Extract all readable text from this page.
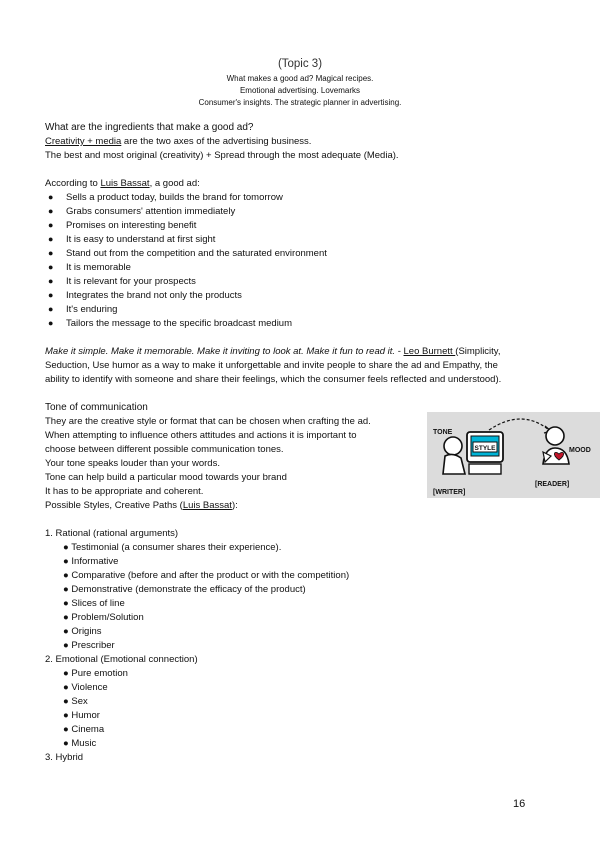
(Topic 3)
What makes a good ad? Magical recipes.
Emotional advertising. Lovemarks
Consumer's insights. The strategic planner in advertising.
What are the ingredients that make a good ad?
Creativity + media are the two axes of the advertising business.
The best and most original (creativity) + Spread through the most adequate (Media).
According to Luis Bassat, a good ad:
● Sells a product today, builds the brand for tomorrow
● Grabs consumers' attention immediately
● Promises on interesting benefit
● It is easy to understand at first sight
● Stand out from the competition and the saturated environment
● It is memorable
● It is relevant for your prospects
● Integrates the brand not only the products
● It's enduring
● Tailors the message to the specific broadcast medium
Make it simple. Make it memorable. Make it inviting to look at. Make it fun to read it. - Leo Burnett (Simplicity,
Seduction, Use humor as a way to make it unforgettable and invite people to share the ad and Empathy, the
ability to identify with someone and share their feelings, which the consumer feels reflected and understood).
Tone of communication
They are the creative style or format that can be chosen when crafting the ad.
When attempting to influence others attitudes and actions it is important to
choose between different possible communication tones.
Your tone speaks louder than your words.
Tone can help build a particular mood towards your brand
It has to be appropriate and coherent.
Possible Styles, Creative Paths (Luis Bassat):
STYLE
TONE
MOOD
[WRITER]
[READER]
1. Rational (rational arguments)
● Testimonial (a consumer shares their experience).
● Informative
● Comparative (before and after the product or with the competition)
● Demonstrative (demonstrate the efficacy of the product)
● Slices of line
● Problem/Solution
● Origins
● Prescriber
2. Emotional (Emotional connection)
● Pure emotion
● Violence
● Sex
● Humor
● Cinema
● Music
3. Hybrid
16
